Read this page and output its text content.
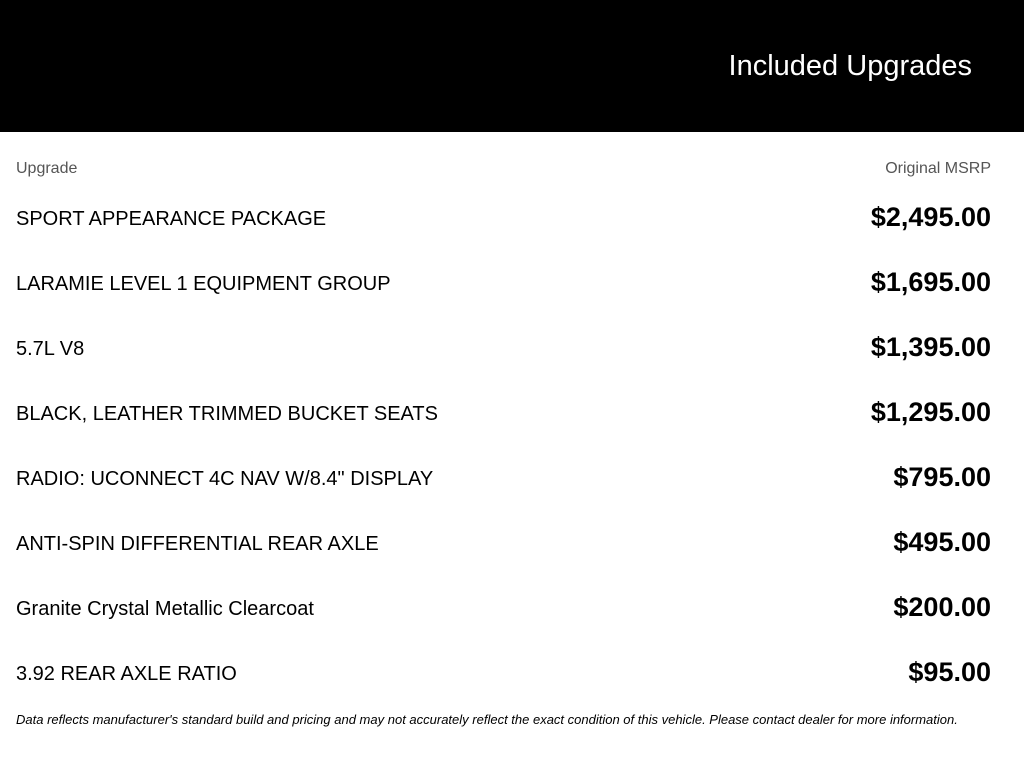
Included Upgrades
Upgrade	Original MSRP
SPORT APPEARANCE PACKAGE	$2,495.00
LARAMIE LEVEL 1 EQUIPMENT GROUP	$1,695.00
5.7L V8	$1,395.00
BLACK, LEATHER TRIMMED BUCKET SEATS	$1,295.00
RADIO: UCONNECT 4C NAV W/8.4" DISPLAY	$795.00
ANTI-SPIN DIFFERENTIAL REAR AXLE	$495.00
Granite Crystal Metallic Clearcoat	$200.00
3.92 REAR AXLE RATIO	$95.00
Data reflects manufacturer's standard build and pricing and may not accurately reflect the exact condition of this vehicle. Please contact dealer for more information.
